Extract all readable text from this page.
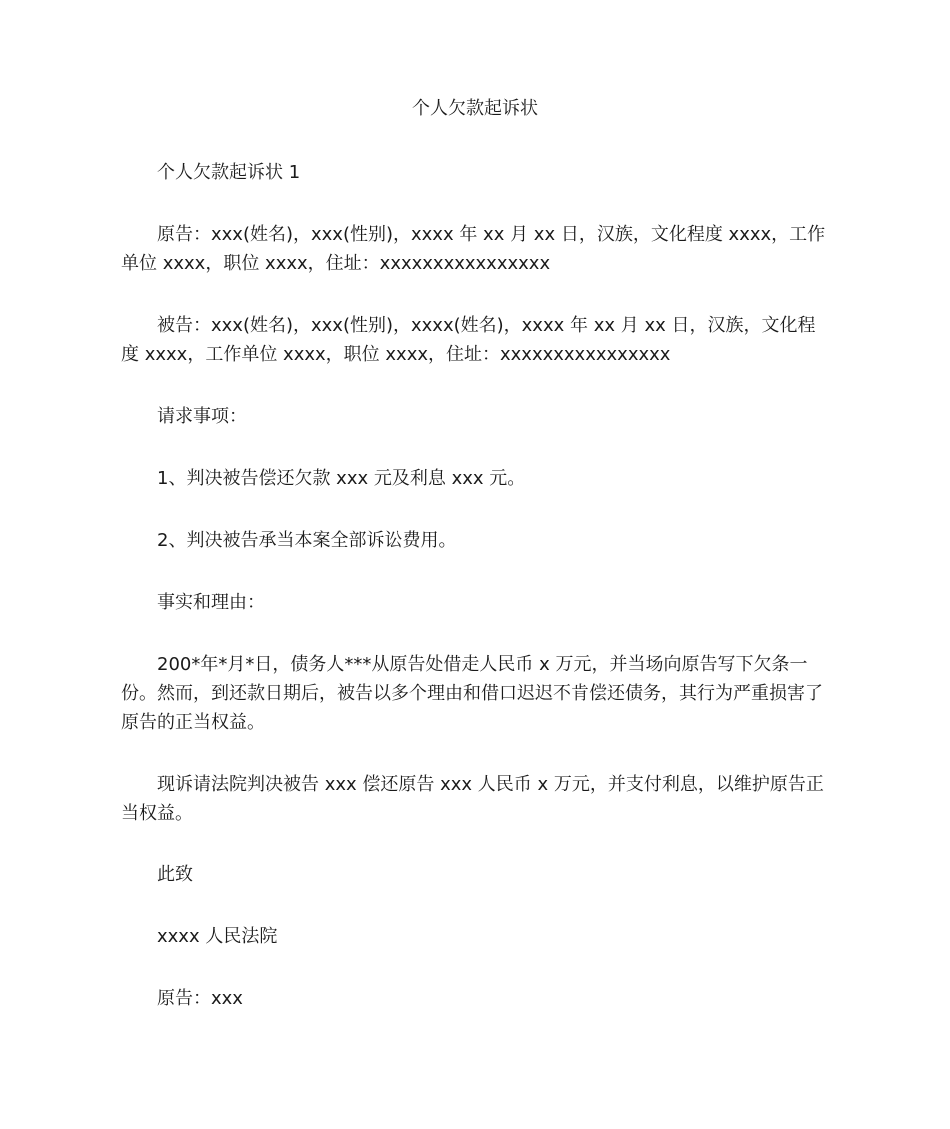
个人欠款起诉状
个人欠款起诉状 1
原告：xxx(姓名)，xxx(性别)，xxxx 年 xx 月 xx 日，汉族，文化程度 xxxx，工作单位 xxxx，职位 xxxx，住址：xxxxxxxxxxxxxxxx
被告：xxx(姓名)，xxx(性别)，xxxx(姓名)，xxxx 年 xx 月 xx 日，汉族，文化程度 xxxx，工作单位 xxxx，职位 xxxx，住址：xxxxxxxxxxxxxxxx
请求事项：
1、判决被告偿还欠款 xxx 元及利息 xxx 元。
2、判决被告承当本案全部诉讼费用。
事实和理由：
200*年*月*日，债务人***从原告处借走人民币 x 万元，并当场向原告写下欠条一份。然而，到还款日期后，被告以多个理由和借口迟迟不肯偿还债务，其行为严重损害了原告的正当权益。
现诉请法院判决被告 xxx 偿还原告 xxx 人民币 x 万元，并支付利息，以维护原告正当权益。
此致
xxxx 人民法院
原告：xxx
